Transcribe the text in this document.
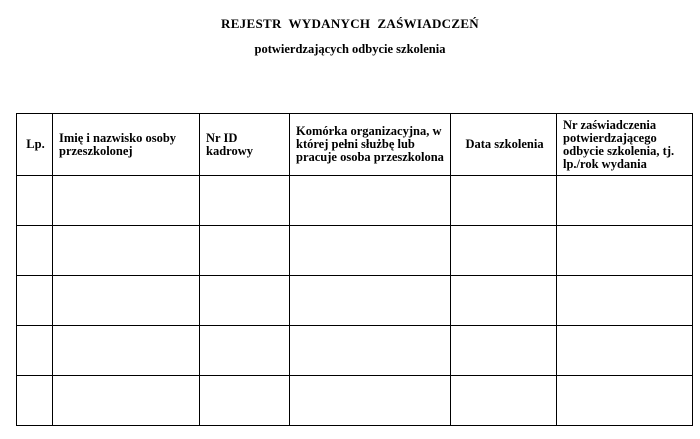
REJESTR  WYDANYCH  ZAŚWIADCZEŃ
potwierdzających odbycie szkolenia
Lp.	Imię i nazwisko osoby przeszkolonej	Nr ID kadrowy	Komórka organizacyjna, w której pełni służbę lub pracuje osoba przeszkolona	Data szkolenia	Nr zaświadczenia potwierdzającego odbycie szkolenia, tj. lp./rok wydania
